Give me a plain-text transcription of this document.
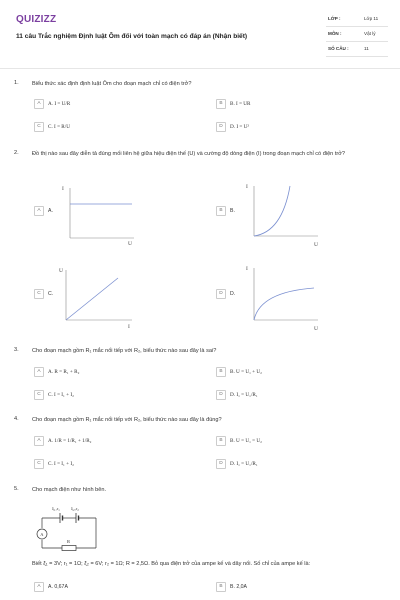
QUIZIZZ
11 câu Trắc nghiệm Định luật Ôm đối với toàn mạch có đáp án (Nhận biết)
LỚP :	Lớp 11
MÔN :	Vật lý
SỐ CÂU :	11
1. Biểu thức xác định định luật Ôm cho đoạn mạch chỉ có điện trở?
A	A. I = U/R	B	B. I = UR
C	C. I = R/U	D	D. I = U²
2. Đồ thị nào sau đây diễn tả đúng mối liên hệ giữa hiệu điện thế (U) và cường độ dòng điện (I) trong đoạn mạch chỉ có điện trở?
A	A.
I
U
B	B.
I
U
C	C.
U
I
D	D.
I
U
3. Cho đoạn mạch gồm R₁ mắc nối tiếp với R₂, biểu thức nào sau đây là sai?
A	A. R = R₁ + R₂	B	B. U = U₁ + U₂
C	C. I = I₁ + I₂	D	D. I₁ = U₁/R₁
4. Cho đoạn mạch gồm R₁ mắc nối tiếp với R₂, biểu thức nào sau đây là đúng?
A	A. 1/R = 1/R₁ + 1/R₂	B	B. U = U₁ = U₂
C	C. I = I₁ + I₂	D	D. I₁ = U₁/R₁
5. Cho mạch điện như hình bên.
ξ₁,r₁ ξ₂,r₂
R
A
Biết ξ₁ = 3V; r₁ = 1Ω; ξ₂ = 6V; r₂ = 1Ω; R = 2,5Ω. Bỏ qua điện trở của ampe kế và dây nối. Số chỉ của ampe kế là:
A	A. 0,67A	B	B. 2,0A
